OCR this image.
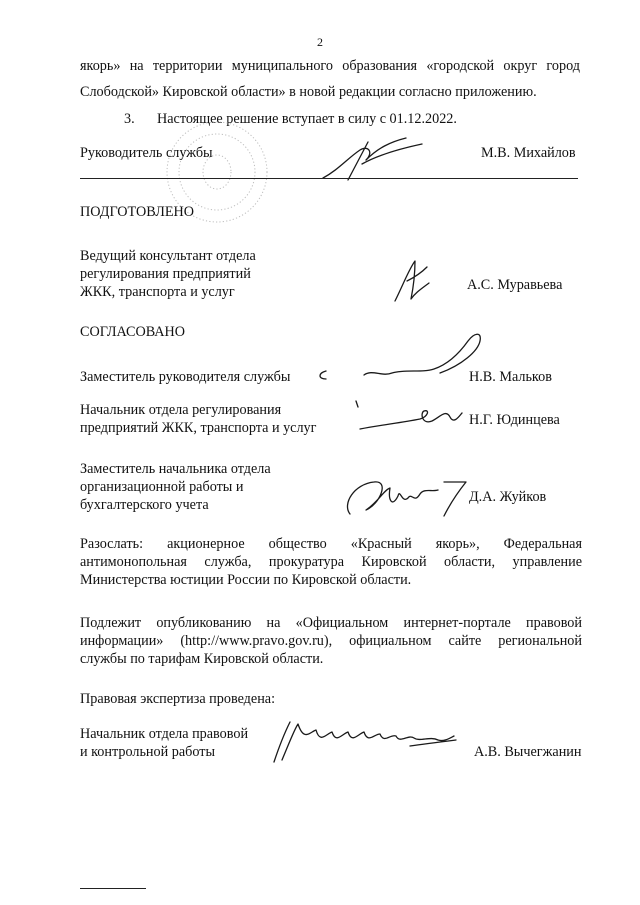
2
якорь» на территории муниципального образования «городской округ город
Слободской» Кировской области» в новой редакции согласно приложению.
3. Настоящее решение вступает в силу с 01.12.2022.
Руководитель службы	М.В. Михайлов
ПОДГОТОВЛЕНО
Ведущий консультант отдела
регулирования предприятий
ЖКК, транспорта и услуг	А.С. Муравьева
СОГЛАСОВАНО
Заместитель руководителя службы	Н.В. Мальков
Начальник отдела регулирования
предприятий ЖКК, транспорта и услуг	Н.Г. Юдинцева
Заместитель начальника отдела
организационной работы и
бухгалтерского учета	Д.А. Жуйков
Разослать: акционерное общество «Красный якорь», Федеральная
антимонопольная служба, прокуратура Кировской области, управление
Министерства юстиции России по Кировской области.
Подлежит опубликованию на «Официальном интернет-портале правовой
информации» (http://www.pravo.gov.ru), официальном сайте региональной
службы по тарифам Кировской области.
Правовая экспертиза проведена:
Начальник отдела правовой
и контрольной работы	А.В. Вычегжанин
